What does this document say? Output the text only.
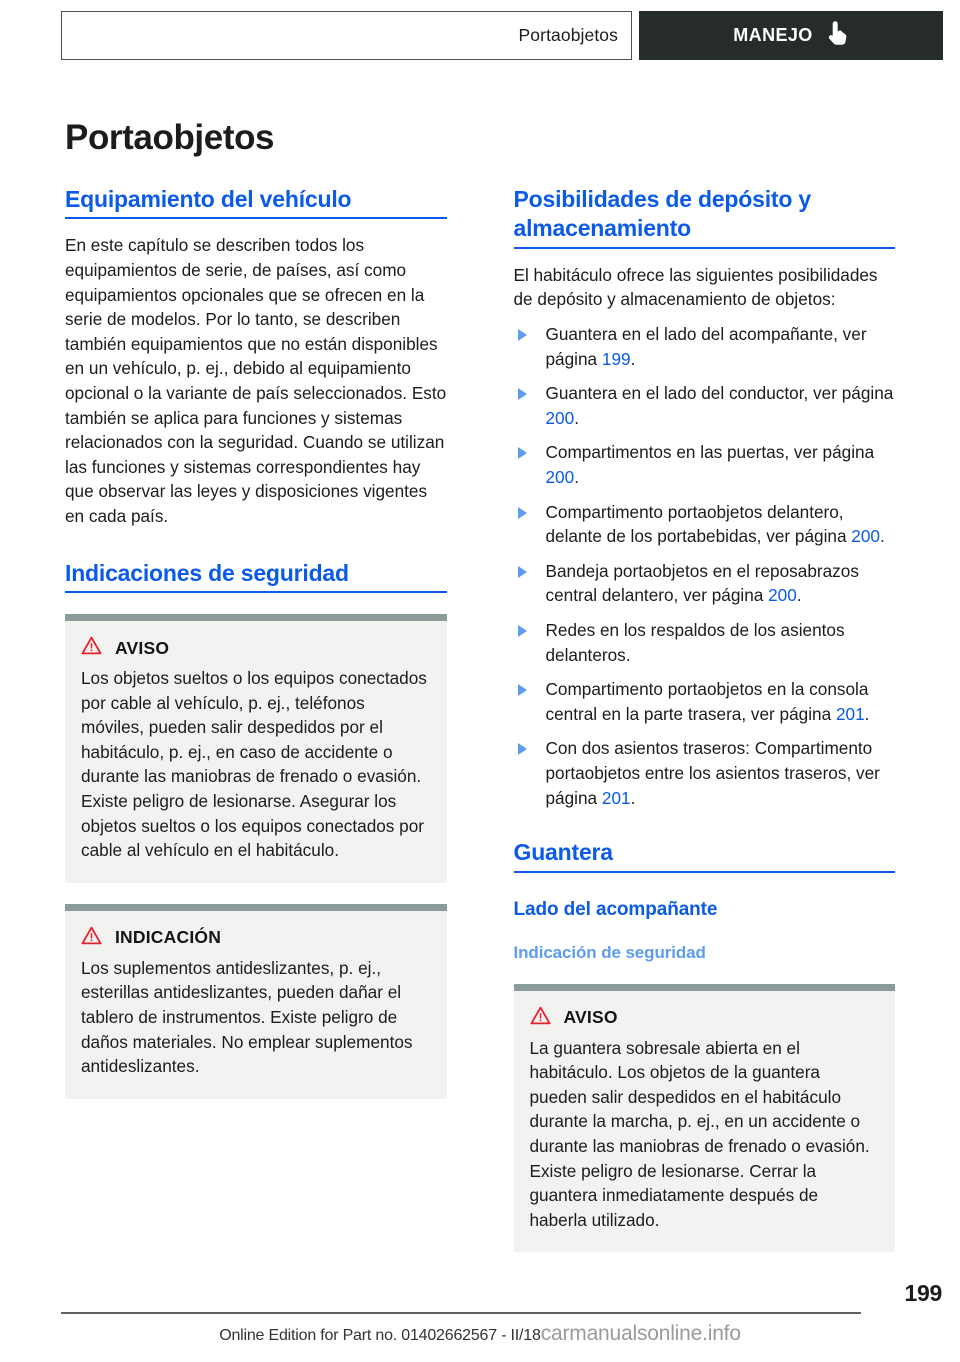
Portaobjetos	MANEJO
Portaobjetos
Equipamiento del vehículo

En este capítulo se describen todos los equipamientos de serie, de países, así como equipamientos opcionales que se ofrecen en la serie de modelos. Por lo tanto, se describen también equipamientos que no están disponibles en un vehículo, p. ej., debido al equipamiento opcional o la variante de país seleccionados. Esto también se aplica para funciones y sistemas relacionados con la seguridad. Cuando se utilizan las funciones y sistemas correspondientes hay que observar las leyes y disposiciones vigentes en cada país.

Indicaciones de seguridad
AVISO

Los objetos sueltos o los equipos conectados por cable al vehículo, p. ej., teléfonos móviles, pueden salir despedidos por el habitáculo, p. ej., en caso de accidente o durante las maniobras de frenado o evasión. Existe peligro de lesionarse. Asegurar los objetos sueltos o los equipos conectados por cable al vehículo en el habitáculo.

INDICACIÓN

Los suplementos antideslizantes, p. ej., esterillas antideslizantes, pueden dañar el tablero de instrumentos. Existe peligro de daños materiales. No emplear suplementos antideslizantes.

Posibilidades de depósito y almacenamiento

El habitáculo ofrece las siguientes posibilidades de depósito y almacenamiento de objetos:

Guantera en el lado del acompañante, ver página 199.
Guantera en el lado del conductor, ver página 200.
Compartimentos en las puertas, ver página 200.
Compartimento portaobjetos delantero, delante de los portabebidas, ver página 200.
Bandeja portaobjetos en el reposabrazos central delantero, ver página 200.
Redes en los respaldos de los asientos delanteros.
Compartimento portaobjetos en la consola central en la parte trasera, ver página 201.
Con dos asientos traseros: Compartimento portaobjetos entre los asientos traseros, ver página 201.
Guantera
Lado del acompañante
Indicación de seguridad
AVISO

La guantera sobresale abierta en el habitáculo. Los objetos de la guantera pueden salir despedidos en el habitáculo durante la marcha, p. ej., en un accidente o durante las maniobras de frenado o evasión. Existe peligro de lesionarse. Cerrar la guantera inmediatamente después de haberla utilizado.

199
Online Edition for Part no. 01402662567 - II/18carmanualsonline.info
